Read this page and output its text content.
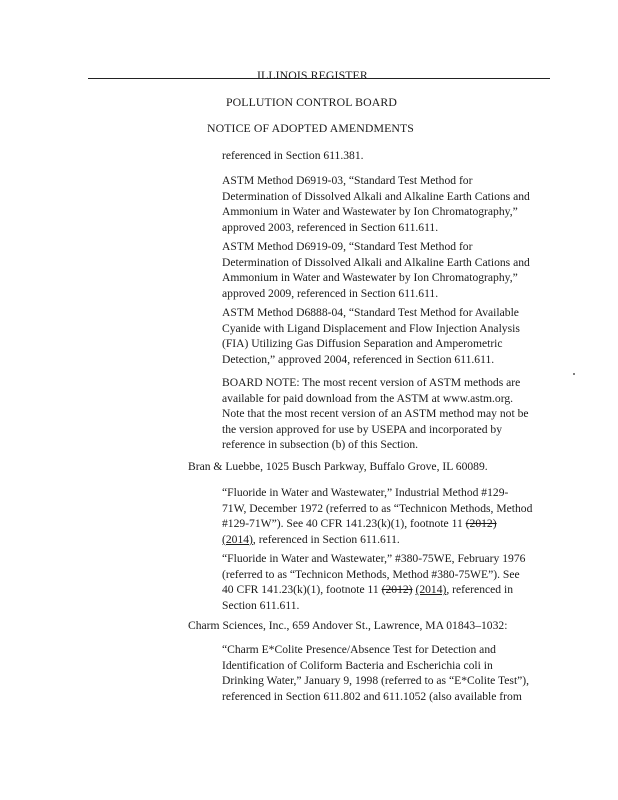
ILLINOIS REGISTER
POLLUTION CONTROL BOARD
NOTICE OF ADOPTED AMENDMENTS
referenced in Section 611.381.

ASTM Method D6919-03, “Standard Test Method for

Determination of Dissolved Alkali and Alkaline Earth Cations and

Ammonium in Water and Wastewater by Ion Chromatography,”

approved 2003, referenced in Section 611.611.

ASTM Method D6919-09, “Standard Test Method for

Determination of Dissolved Alkali and Alkaline Earth Cations and

Ammonium in Water and Wastewater by Ion Chromatography,”

approved 2009, referenced in Section 611.611.

ASTM Method D6888-04, “Standard Test Method for Available

Cyanide with Ligand Displacement and Flow Injection Analysis

(FIA) Utilizing Gas Diffusion Separation and Amperometric

Detection,” approved 2004, referenced in Section 611.611.

BOARD NOTE: The most recent version of ASTM methods are

available for paid download from the ASTM at www.astm.org.

Note that the most recent version of an ASTM method may not be

the version approved for use by USEPA and incorporated by

reference in subsection (b) of this Section.

Bran & Luebbe, 1025 Busch Parkway, Buffalo Grove, IL 60089.

“Fluoride in Water and Wastewater,” Industrial Method #129-

71W, December 1972 (referred to as “Technicon Methods, Method

#129-71W”). See 40 CFR 141.23(k)(1), footnote 11 (2012)

(2014), referenced in Section 611.611.

“Fluoride in Water and Wastewater,” #380-75WE, February 1976

(referred to as “Technicon Methods, Method #380-75WE”). See

40 CFR 141.23(k)(1), footnote 11 (2012) (2014), referenced in

Section 611.611.

Charm Sciences, Inc., 659 Andover St., Lawrence, MA 01843–1032:

“Charm E*Colite Presence/Absence Test for Detection and

Identification of Coliform Bacteria and Escherichia coli in

Drinking Water,” January 9, 1998 (referred to as “E*Colite Test”),

referenced in Section 611.802 and 611.1052 (also available from
